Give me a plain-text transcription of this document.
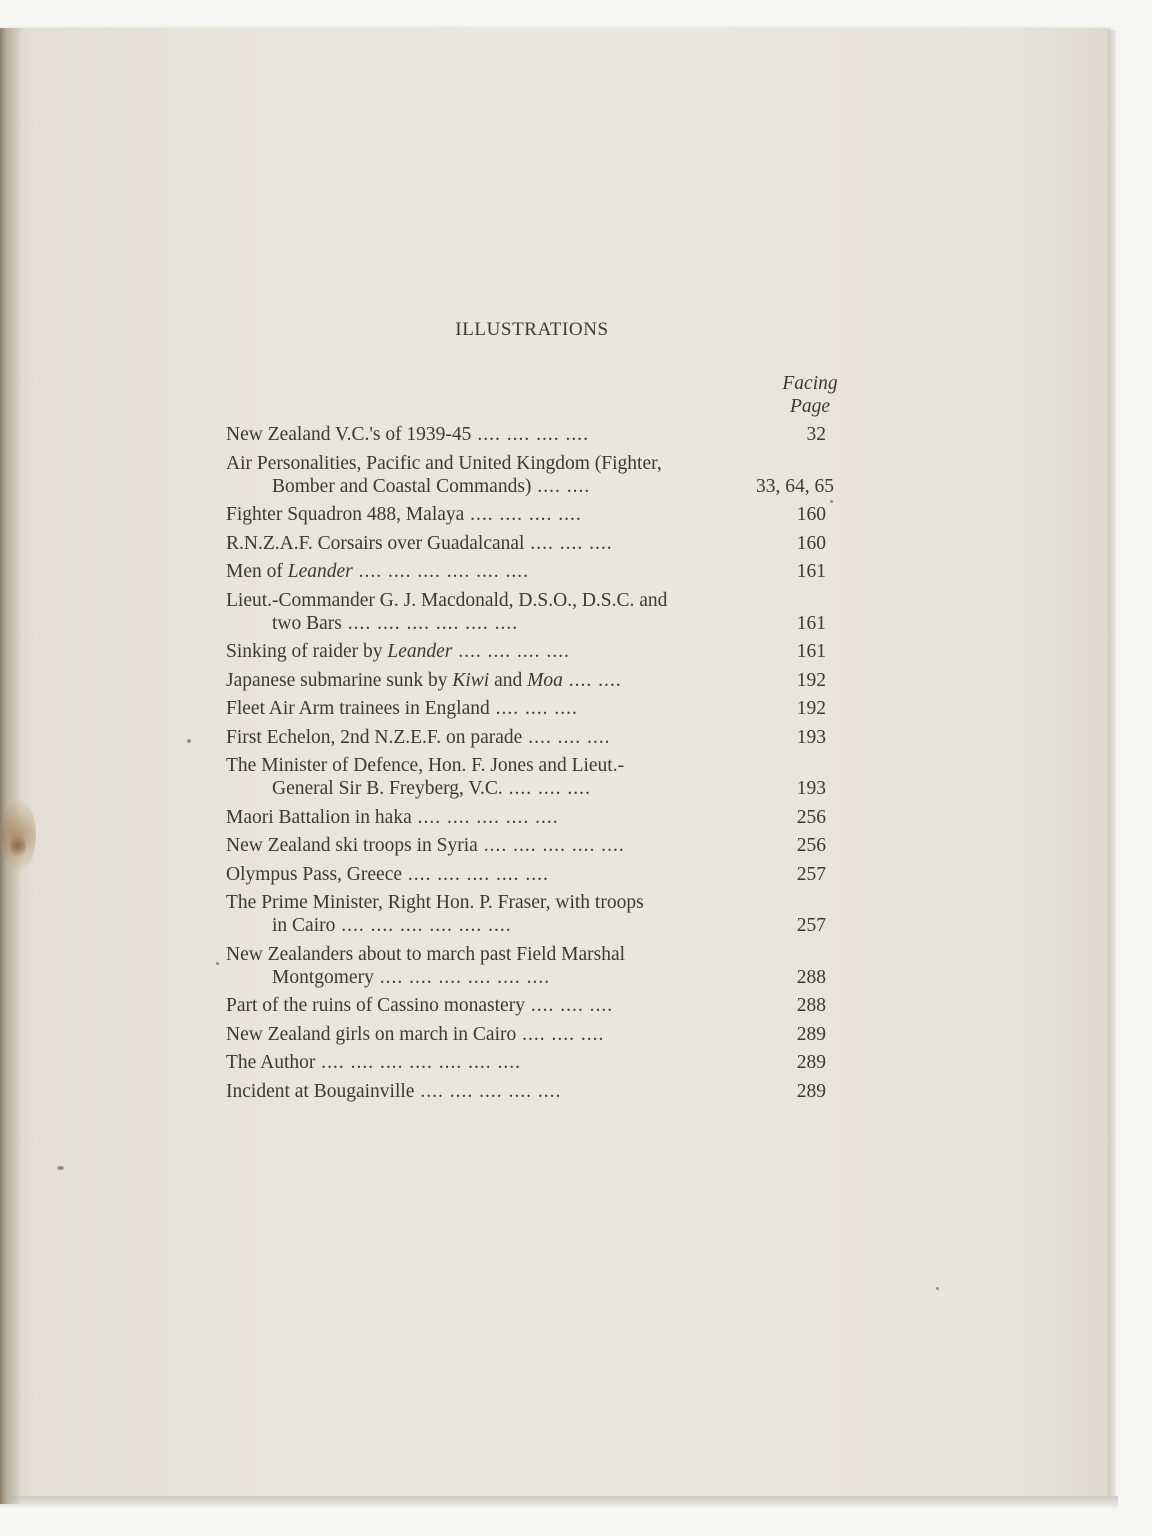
ILLUSTRATIONS
Facing
Page
New Zealand V.C.'s of 1939-45 .... .... .... ....	32
Air Personalities, Pacific and United Kingdom (Fighter,
Bomber and Coastal Commands) .... ....	33, 64, 65
Fighter Squadron 488, Malaya .... .... .... ....	160
R.N.Z.A.F. Corsairs over Guadalcanal .... .... ....	160
Men of Leander .... .... .... .... .... ....	161
Lieut.-Commander G. J. Macdonald, D.S.O., D.S.C. and
two Bars .... .... .... .... .... ....	161
Sinking of raider by Leander .... .... .... ....	161
Japanese submarine sunk by Kiwi and Moa .... ....	192
Fleet Air Arm trainees in England .... .... ....	192
First Echelon, 2nd N.Z.E.F. on parade .... .... ....	193
The Minister of Defence, Hon. F. Jones and Lieut.-
General Sir B. Freyberg, V.C. .... .... ....	193
Maori Battalion in haka .... .... .... .... ....	256
New Zealand ski troops in Syria .... .... .... .... ....	256
Olympus Pass, Greece .... .... .... .... ....	257
The Prime Minister, Right Hon. P. Fraser, with troops
in Cairo .... .... .... .... .... ....	257
New Zealanders about to march past Field Marshal
Montgomery .... .... .... .... .... ....	288
Part of the ruins of Cassino monastery .... .... ....	288
New Zealand girls on march in Cairo .... .... ....	289
The Author .... .... .... .... .... .... ....	289
Incident at Bougainville .... .... .... .... ....	289
